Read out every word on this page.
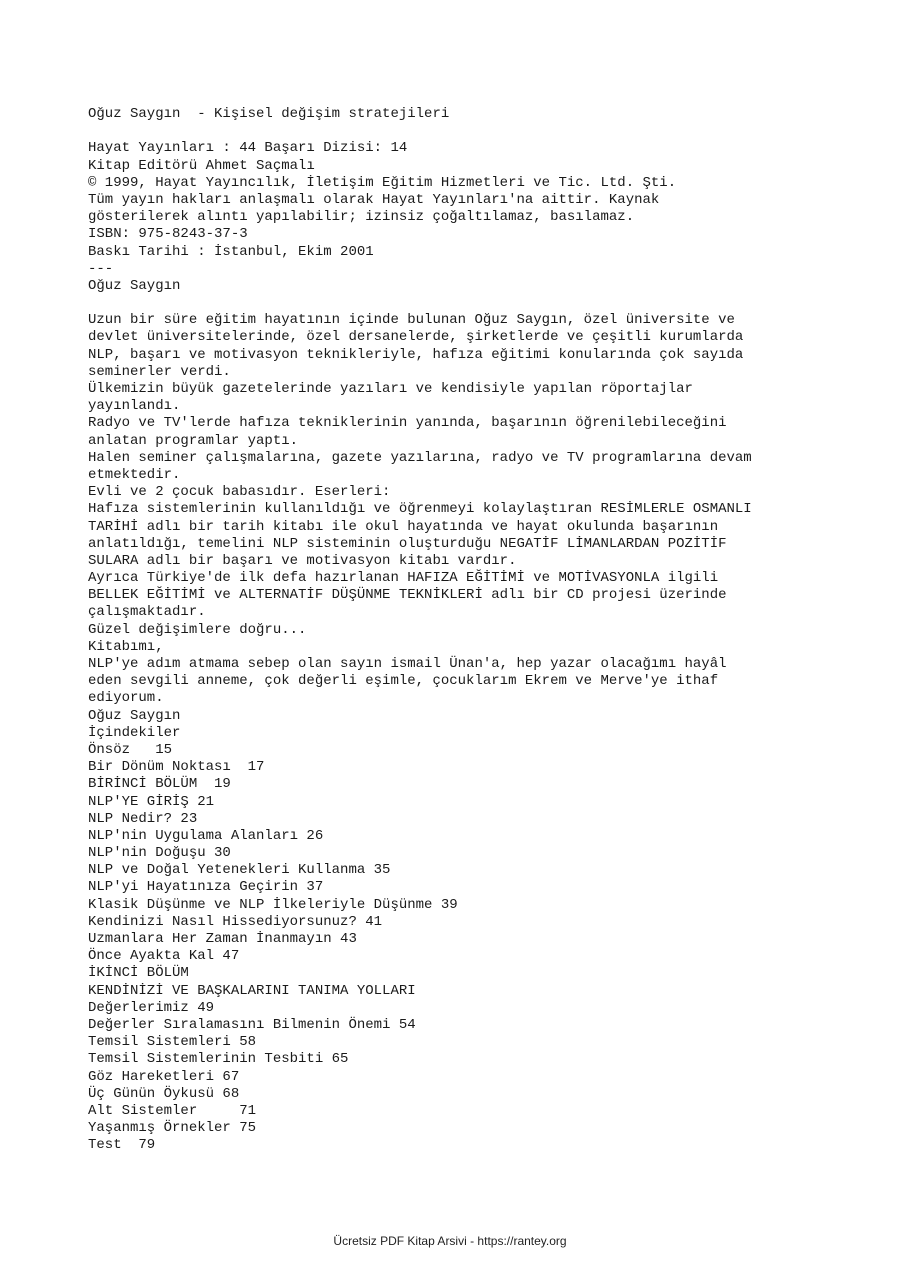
Oğuz Saygın  - Kişisel değişim stratejileri
Hayat Yayınları : 44 Başarı Dizisi: 14
Kitap Editörü Ahmet Saçmalı
© 1999, Hayat Yayıncılık, İletişim Eğitim Hizmetleri ve Tic. Ltd. Şti.
Tüm yayın hakları anlaşmalı olarak Hayat Yayınları'na aittir. Kaynak
gösterilerek alıntı yapılabilir; izinsiz çoğaltılamaz, basılamaz.
ISBN: 975-8243-37-3
Baskı Tarihi : İstanbul, Ekim 2001
---
Oğuz Saygın
Uzun bir süre eğitim hayatının içinde bulunan Oğuz Saygın, özel üniversite ve
devlet üniversitelerinde, özel dersanelerde, şirketlerde ve çeşitli kurumlarda
NLP, başarı ve motivasyon teknikleriyle, hafıza eğitimi konularında çok sayıda
seminerler verdi.
Ülkemizin büyük gazetelerinde yazıları ve kendisiyle yapılan röportajlar
yayınlandı.
Radyo ve TV'lerde hafıza tekniklerinin yanında, başarının öğrenilebileceğini
anlatan programlar yaptı.
Halen seminer çalışmalarına, gazete yazılarına, radyo ve TV programlarına devam
etmektedir.
Evli ve 2 çocuk babasıdır. Eserleri:
Hafıza sistemlerinin kullanıldığı ve öğrenmeyi kolaylaştıran RESİMLERLE OSMANLI
TARİHİ adlı bir tarih kitabı ile okul hayatında ve hayat okulunda başarının
anlatıldığı, temelini NLP sisteminin oluşturduğu NEGATİF LİMANLARDAN POZİTİF
SULARA adlı bir başarı ve motivasyon kitabı vardır.
Ayrıca Türkiye'de ilk defa hazırlanan HAFIZA EĞİTİMİ ve MOTİVASYONLA ilgili
BELLEK EĞİTİMİ ve ALTERNATİF DÜŞÜNME TEKNİKLERİ adlı bir CD projesi üzerinde
çalışmaktadır.
Güzel değişimlere doğru...
Kitabımı,
NLP'ye adım atmama sebep olan sayın ismail Ünan'a, hep yazar olacağımı hayâl
eden sevgili anneme, çok değerli eşimle, çocuklarım Ekrem ve Merve'ye ithaf
ediyorum.
Oğuz Saygın
İçindekiler
Önsöz   15
Bir Dönüm Noktası  17
BİRİNCİ BÖLÜM  19
NLP'YE GİRİŞ 21
NLP Nedir? 23
NLP'nin Uygulama Alanları 26
NLP'nin Doğuşu 30
NLP ve Doğal Yetenekleri Kullanma 35
NLP'yi Hayatınıza Geçirin 37
Klasik Düşünme ve NLP İlkeleriyle Düşünme 39
Kendinizi Nasıl Hissediyorsunuz? 41
Uzmanlara Her Zaman İnanmayın 43
Önce Ayakta Kal 47
İKİNCİ BÖLÜM
KENDİNİZİ VE BAŞKALARINI TANIMA YOLLARI
Değerlerimiz 49
Değerler Sıralamasını Bilmenin Önemi 54
Temsil Sistemleri 58
Temsil Sistemlerinin Tesbiti 65
Göz Hareketleri 67
Üç Günün Öykusü 68
Alt Sistemler     71
Yaşanmış Örnekler 75
Test  79
Ücretsiz PDF Kitap Arsivi - https://rantey.org
